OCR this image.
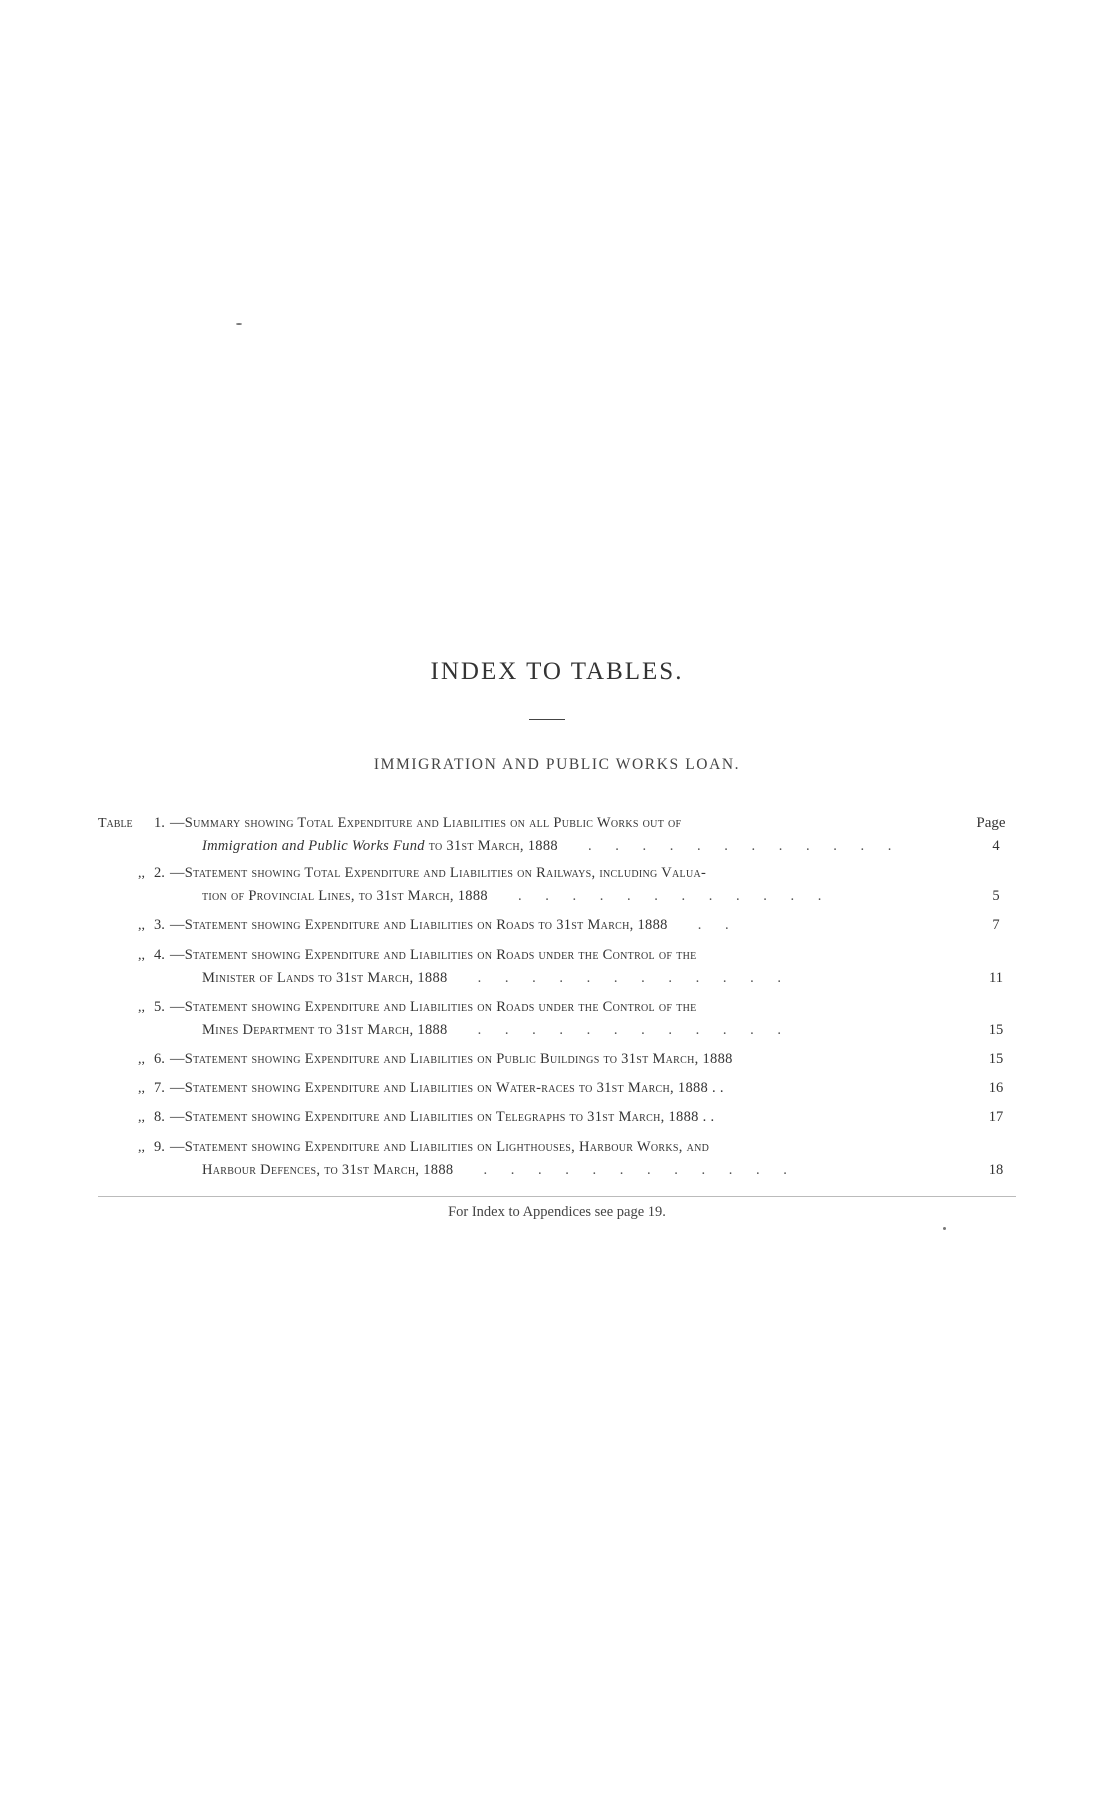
INDEX TO TABLES.
IMMIGRATION AND PUBLIC WORKS LOAN.
Table	1. —Summary showing Total Expenditure and Liabilities on all Public Works out of	Page
Immigration and Public Works Fund to 31st March, 1888 . . . . . . . . . . . .	4
,, 2. —Statement showing Total Expenditure and Liabilities on Railways, including Valua-
tion of Provincial Lines, to 31st March, 1888 . . . . . . . . . . . .	5
,, 3. —Statement showing Expenditure and Liabilities on Roads to 31st March, 1888 . .	7
,, 4. —Statement showing Expenditure and Liabilities on Roads under the Control of the
Minister of Lands to 31st March, 1888 . . . . . . . . . . . .	11
,, 5. —Statement showing Expenditure and Liabilities on Roads under the Control of the
Mines Department to 31st March, 1888 . . . . . . . . . . . .	15
,, 6. —Statement showing Expenditure and Liabilities on Public Buildings to 31st March, 1888	15
,, 7. —Statement showing Expenditure and Liabilities on Water-races to 31st March, 1888 . .	16
,, 8. —Statement showing Expenditure and Liabilities on Telegraphs to 31st March, 1888 . .	17
,, 9. —Statement showing Expenditure and Liabilities on Lighthouses, Harbour Works, and
Harbour Defences, to 31st March, 1888 . . . . . . . . . . . .	18
For Index to Appendices see page 19.
